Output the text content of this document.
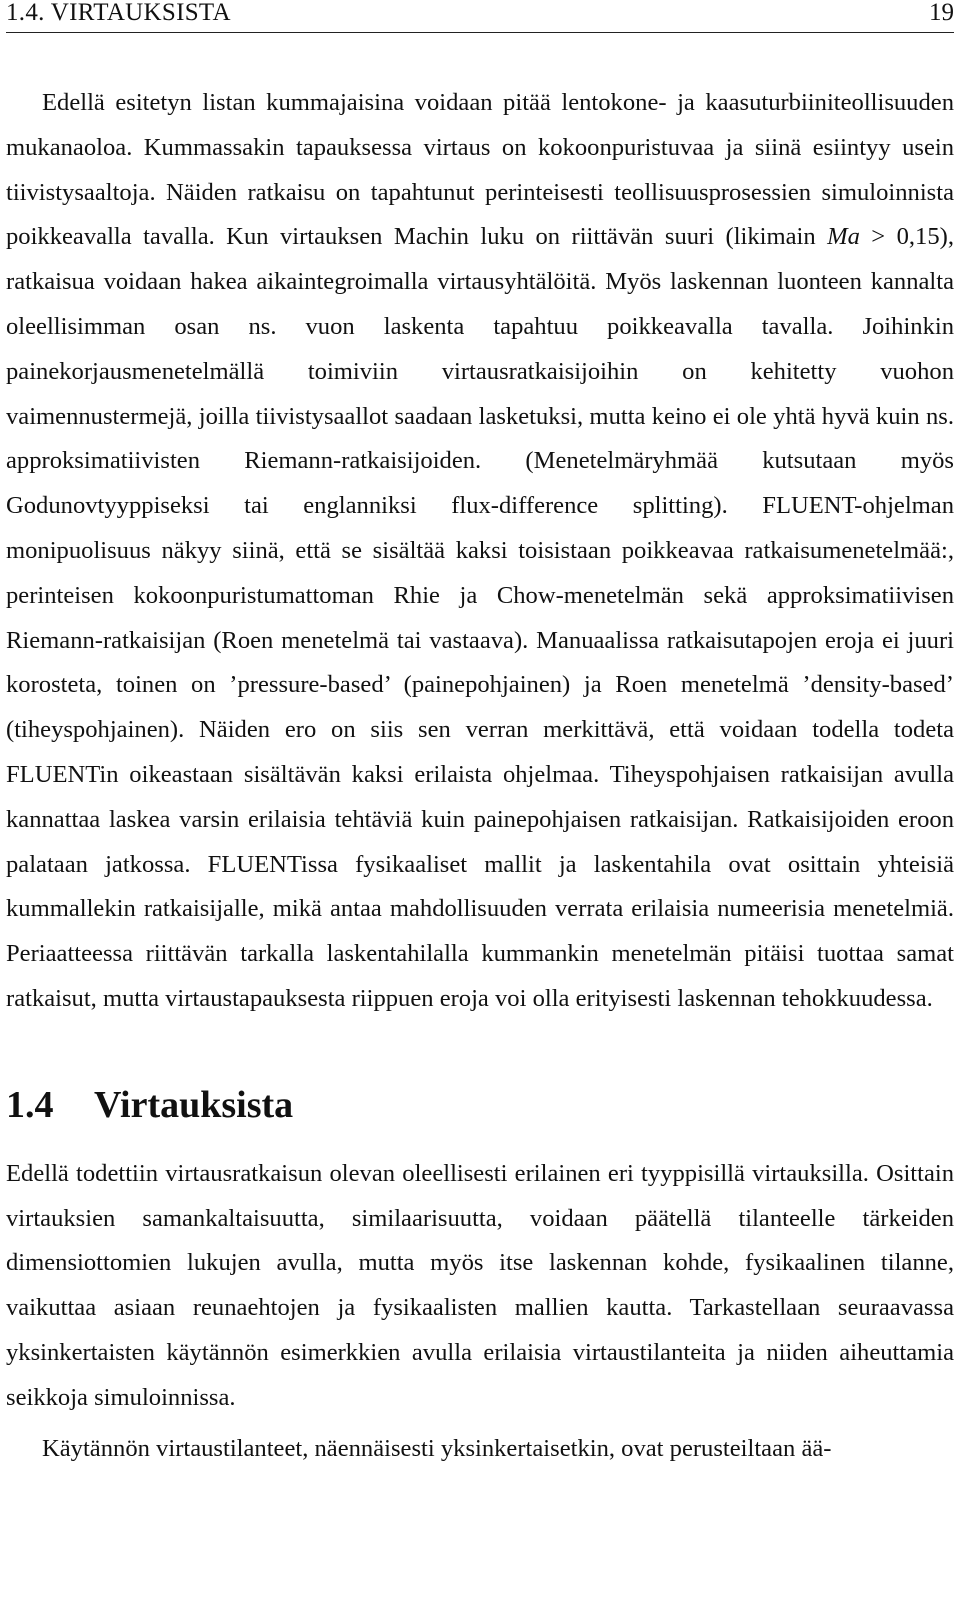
1.4. VIRTAUKSISTA	19

Edellä esitetyn listan kummajaisina voidaan pitää lentokone- ja kaasuturbiiniteollisuuden mukanaoloa. Kummassakin tapauksessa virtaus on kokoonpuristuvaa ja siinä esiintyy usein tiivistysaaltoja. Näiden ratkaisu on tapahtunut perinteisesti teollisuusprosessien simuloinnista poikkeavalla tavalla. Kun virtauksen Machin luku on riittävän suuri (likimain Ma > 0,15), ratkaisua voidaan hakea aikaintegroimalla virtausyhtälöitä. Myös laskennan luonteen kannalta oleellisimman osan ns. vuon laskenta tapahtuu poikkeavalla tavalla. Joihinkin painekorjausmenetelmällä toimiviin virtausratkaisijoihin on kehitetty vuohon vaimennustermejä, joilla tiivistysaallot saadaan lasketuksi, mutta keino ei ole yhtä hyvä kuin ns. approksimatiivisten Riemann-ratkaisijoiden. (Menetelmäryhmää kutsutaan myös Godunovtyyppiseksi tai englanniksi flux-difference splitting). FLUENT-ohjelman monipuolisuus näkyy siinä, että se sisältää kaksi toisistaan poikkeavaa ratkaisumenetelmää:, perinteisen kokoonpuristumattoman Rhie ja Chow-menetelmän sekä approksimatiivisen Riemann-ratkaisijan (Roen menetelmä tai vastaava). Manuaalissa ratkaisutapojen eroja ei juuri korosteta, toinen on ’pressure-based’ (painepohjainen) ja Roen menetelmä ’density-based’ (tiheyspohjainen). Näiden ero on siis sen verran merkittävä, että voidaan todella todeta FLUENTin oikeastaan sisältävän kaksi erilaista ohjelmaa. Tiheyspohjaisen ratkaisijan avulla kannattaa laskea varsin erilaisia tehtäviä kuin painepohjaisen ratkaisijan. Ratkaisijoiden eroon palataan jatkossa. FLUENTissa fysikaaliset mallit ja laskentahila ovat osittain yhteisiä kummallekin ratkaisijalle, mikä antaa mahdollisuuden verrata erilaisia numeerisia menetelmiä. Periaatteessa riittävän tarkalla laskentahilalla kummankin menetelmän pitäisi tuottaa samat ratkaisut, mutta virtaustapauksesta riippuen eroja voi olla erityisesti laskennan tehokkuudessa.

1.4 Virtauksista

Edellä todettiin virtausratkaisun olevan oleellisesti erilainen eri tyyppisillä virtauksilla. Osittain virtauksien samankaltaisuutta, similaarisuutta, voidaan päätellä tilanteelle tärkeiden dimensiottomien lukujen avulla, mutta myös itse laskennan kohde, fysikaalinen tilanne, vaikuttaa asiaan reunaehtojen ja fysikaalisten mallien kautta. Tarkastellaan seuraavassa yksinkertaisten käytännön esimerkkien avulla erilaisia virtaustilanteita ja niiden aiheuttamia seikkoja simuloinnissa.

Käytännön virtaustilanteet, näennäisesti yksinkertaisetkin, ovat perusteiltaan ää-
